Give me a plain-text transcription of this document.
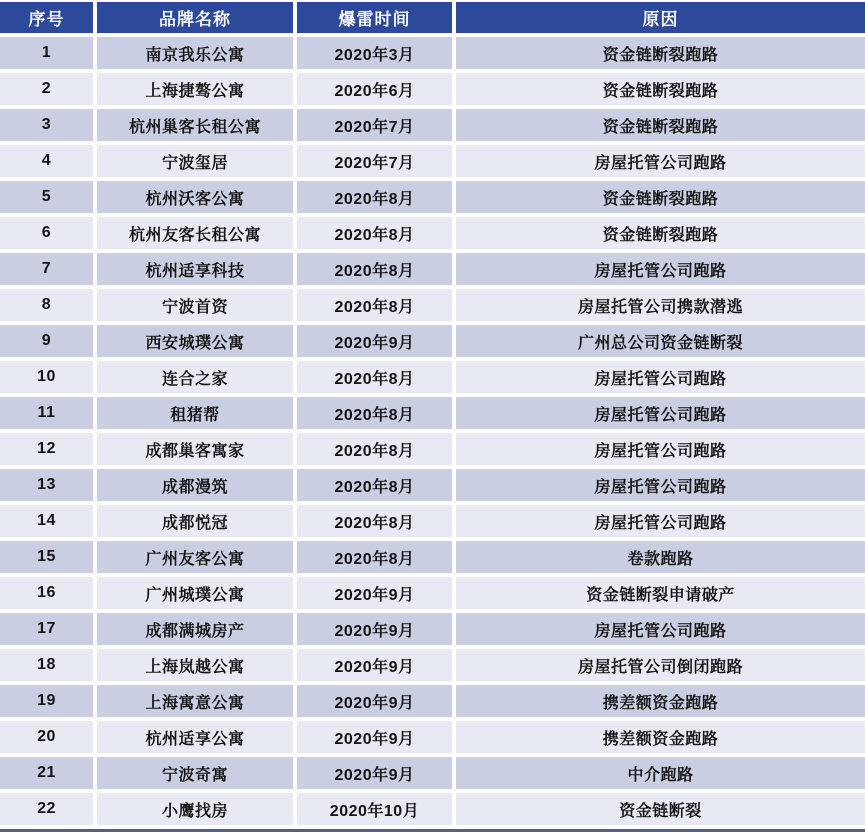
序号	品牌名称	爆雷时间	原因
1	南京我乐公寓	2020年3月	资金链断裂跑路
2	上海捷骜公寓	2020年6月	资金链断裂跑路
3	杭州巢客长租公寓	2020年7月	资金链断裂跑路
4	宁波玺居	2020年7月	房屋托管公司跑路
5	杭州沃客公寓	2020年8月	资金链断裂跑路
6	杭州友客长租公寓	2020年8月	资金链断裂跑路
7	杭州适享科技	2020年8月	房屋托管公司跑路
8	宁波首资	2020年8月	房屋托管公司携款潜逃
9	西安城璞公寓	2020年9月	广州总公司资金链断裂
10	连合之家	2020年8月	房屋托管公司跑路
11	租猪帮	2020年8月	房屋托管公司跑路
12	成都巢客寓家	2020年8月	房屋托管公司跑路
13	成都漫筑	2020年8月	房屋托管公司跑路
14	成都悦冠	2020年8月	房屋托管公司跑路
15	广州友客公寓	2020年8月	卷款跑路
16	广州城璞公寓	2020年9月	资金链断裂申请破产
17	成都满城房产	2020年9月	房屋托管公司跑路
18	上海岚越公寓	2020年9月	房屋托管公司倒闭跑路
19	上海寓意公寓	2020年9月	携差额资金跑路
20	杭州适享公寓	2020年9月	携差额资金跑路
21	宁波奇寓	2020年9月	中介跑路
22	小鹰找房	2020年10月	资金链断裂
